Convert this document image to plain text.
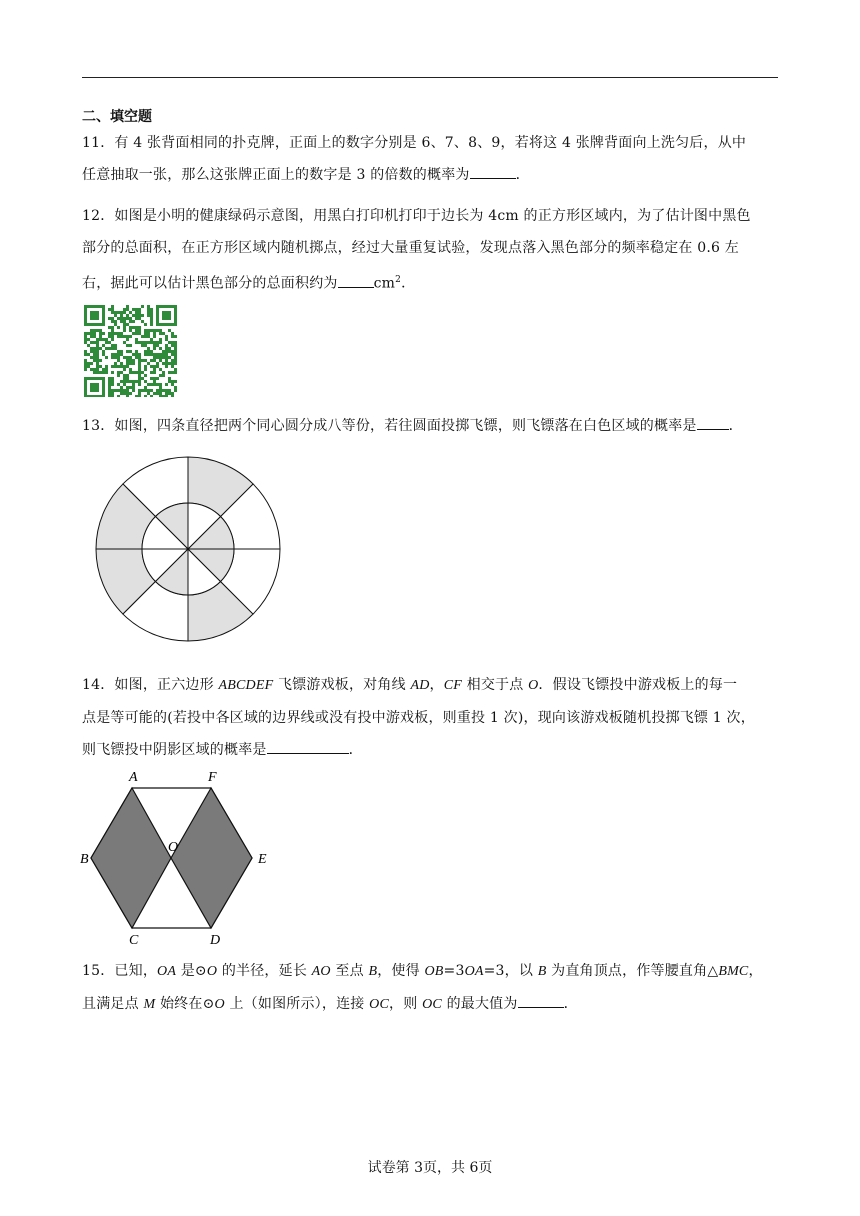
二、填空题

11．有 4 张背面相同的扑克牌，正面上的数字分别是 6、7、8、9，若将这 4 张牌背面向上洗匀后，从中

任意抽取一张，那么这张牌正面上的数字是 3 的倍数的概率为	．

12．如图是小明的健康绿码示意图，用黑白打印机打印于边长为 4cm 的正方形区域内，为了估计图中黑色

部分的总面积，在正方形区域内随机掷点，经过大量重复试验，发现点落入黑色部分的频率稳定在 0.6 左

右，据此可以估计黑色部分的总面积约为	$cm^2$．

13．如图，四条直径把两个同心圆分成八等份，若往圆面投掷飞镖，则飞镖落在白色区域的概率是 ．

14．如图，正六边形 ABCDEF 飞镖游戏板，对角线 AD，CF 相交于点 O．假设飞镖投中游戏板上的每一

点是等可能的(若投中各区域的边界线或没有投中游戏板，则重投 1 次)，现向该游戏板随机投掷飞镖 1 次，

则飞镖投中阴影区域的概率是	．

A	F
B
O
E
C	D

15．已知，OA 是⊙O 的半径，延长 AO 至点 B，使得 OB=3OA=3，以 B 为直角顶点，作等腰直角△BMC，

且满足点 M 始终在⊙O 上（如图所示），连接 OC，则 OC 的最大值为	．

试卷第 3页，共 6页
